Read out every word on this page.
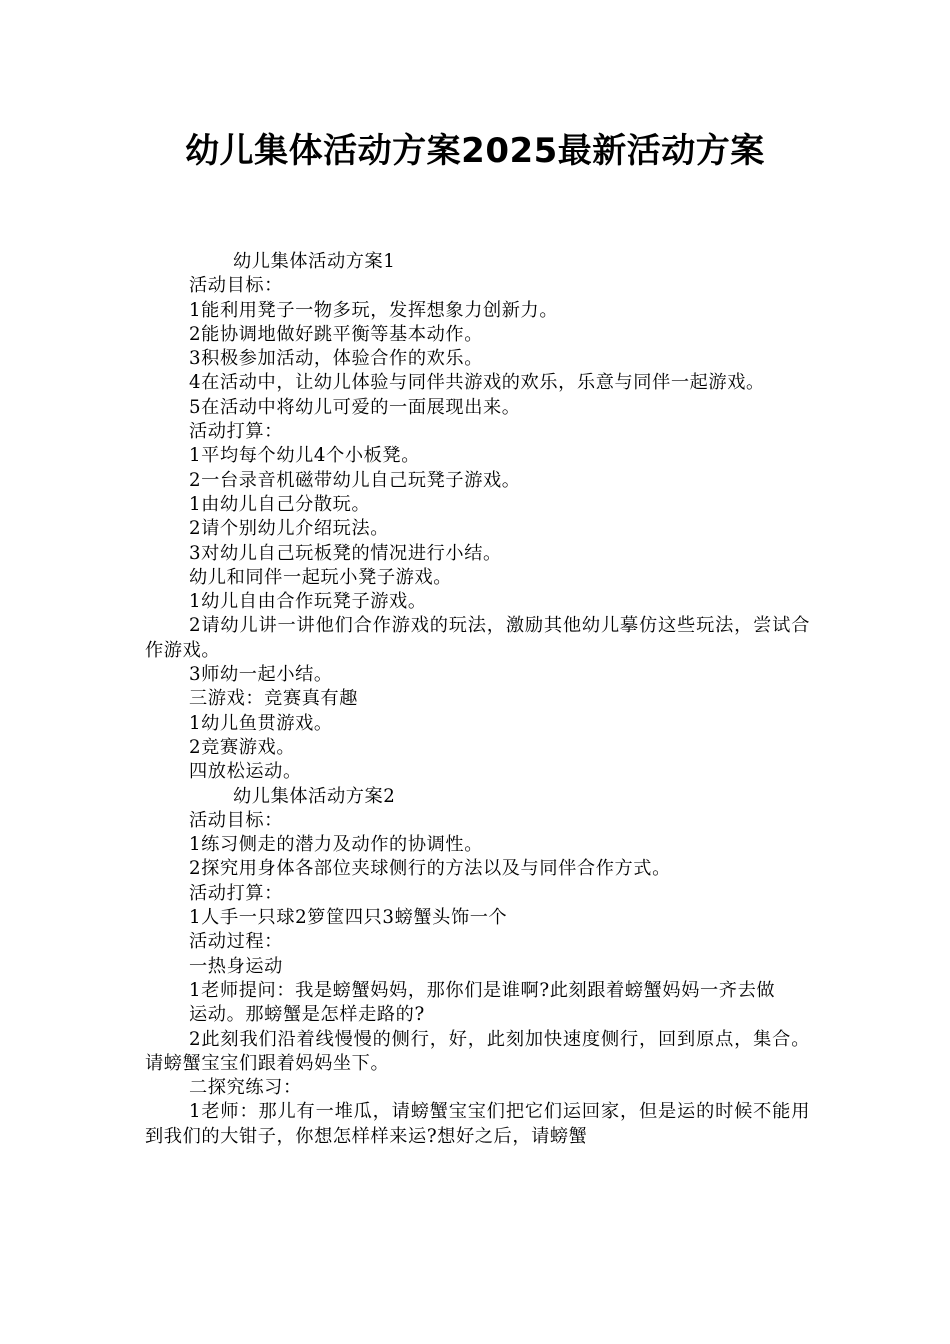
幼儿集体活动方案2025最新活动方案
幼儿集体活动方案1
活动目标：
1能利用凳子一物多玩，发挥想象力创新力。
2能协调地做好跳平衡等基本动作。
3积极参加活动，体验合作的欢乐。
4在活动中，让幼儿体验与同伴共游戏的欢乐，乐意与同伴一起游戏。
5在活动中将幼儿可爱的一面展现出来。
活动打算：
1平均每个幼儿4个小板凳。
2一台录音机磁带幼儿自己玩凳子游戏。
1由幼儿自己分散玩。
2请个别幼儿介绍玩法。
3对幼儿自己玩板凳的情况进行小结。
幼儿和同伴一起玩小凳子游戏。
1幼儿自由合作玩凳子游戏。
2请幼儿讲一讲他们合作游戏的玩法，激励其他幼儿摹仿这些玩法，尝试合作游戏。
3师幼一起小结。
三游戏：竞赛真有趣
1幼儿鱼贯游戏。
2竞赛游戏。
四放松运动。
幼儿集体活动方案2
活动目标：
1练习侧走的潜力及动作的协调性。
2探究用身体各部位夹球侧行的方法以及与同伴合作方式。
活动打算：
1人手一只球2箩筐四只3螃蟹头饰一个
活动过程：
一热身运动
1老师提问：我是螃蟹妈妈，那你们是谁啊?此刻跟着螃蟹妈妈一齐去做
运动。那螃蟹是怎样走路的?
2此刻我们沿着线慢慢的侧行，好，此刻加快速度侧行，回到原点，集合。请螃蟹宝宝们跟着妈妈坐下。
二探究练习：
1老师：那儿有一堆瓜，请螃蟹宝宝们把它们运回家，但是运的时候不能用到我们的大钳子，你想怎样样来运?想好之后，请螃蟹
